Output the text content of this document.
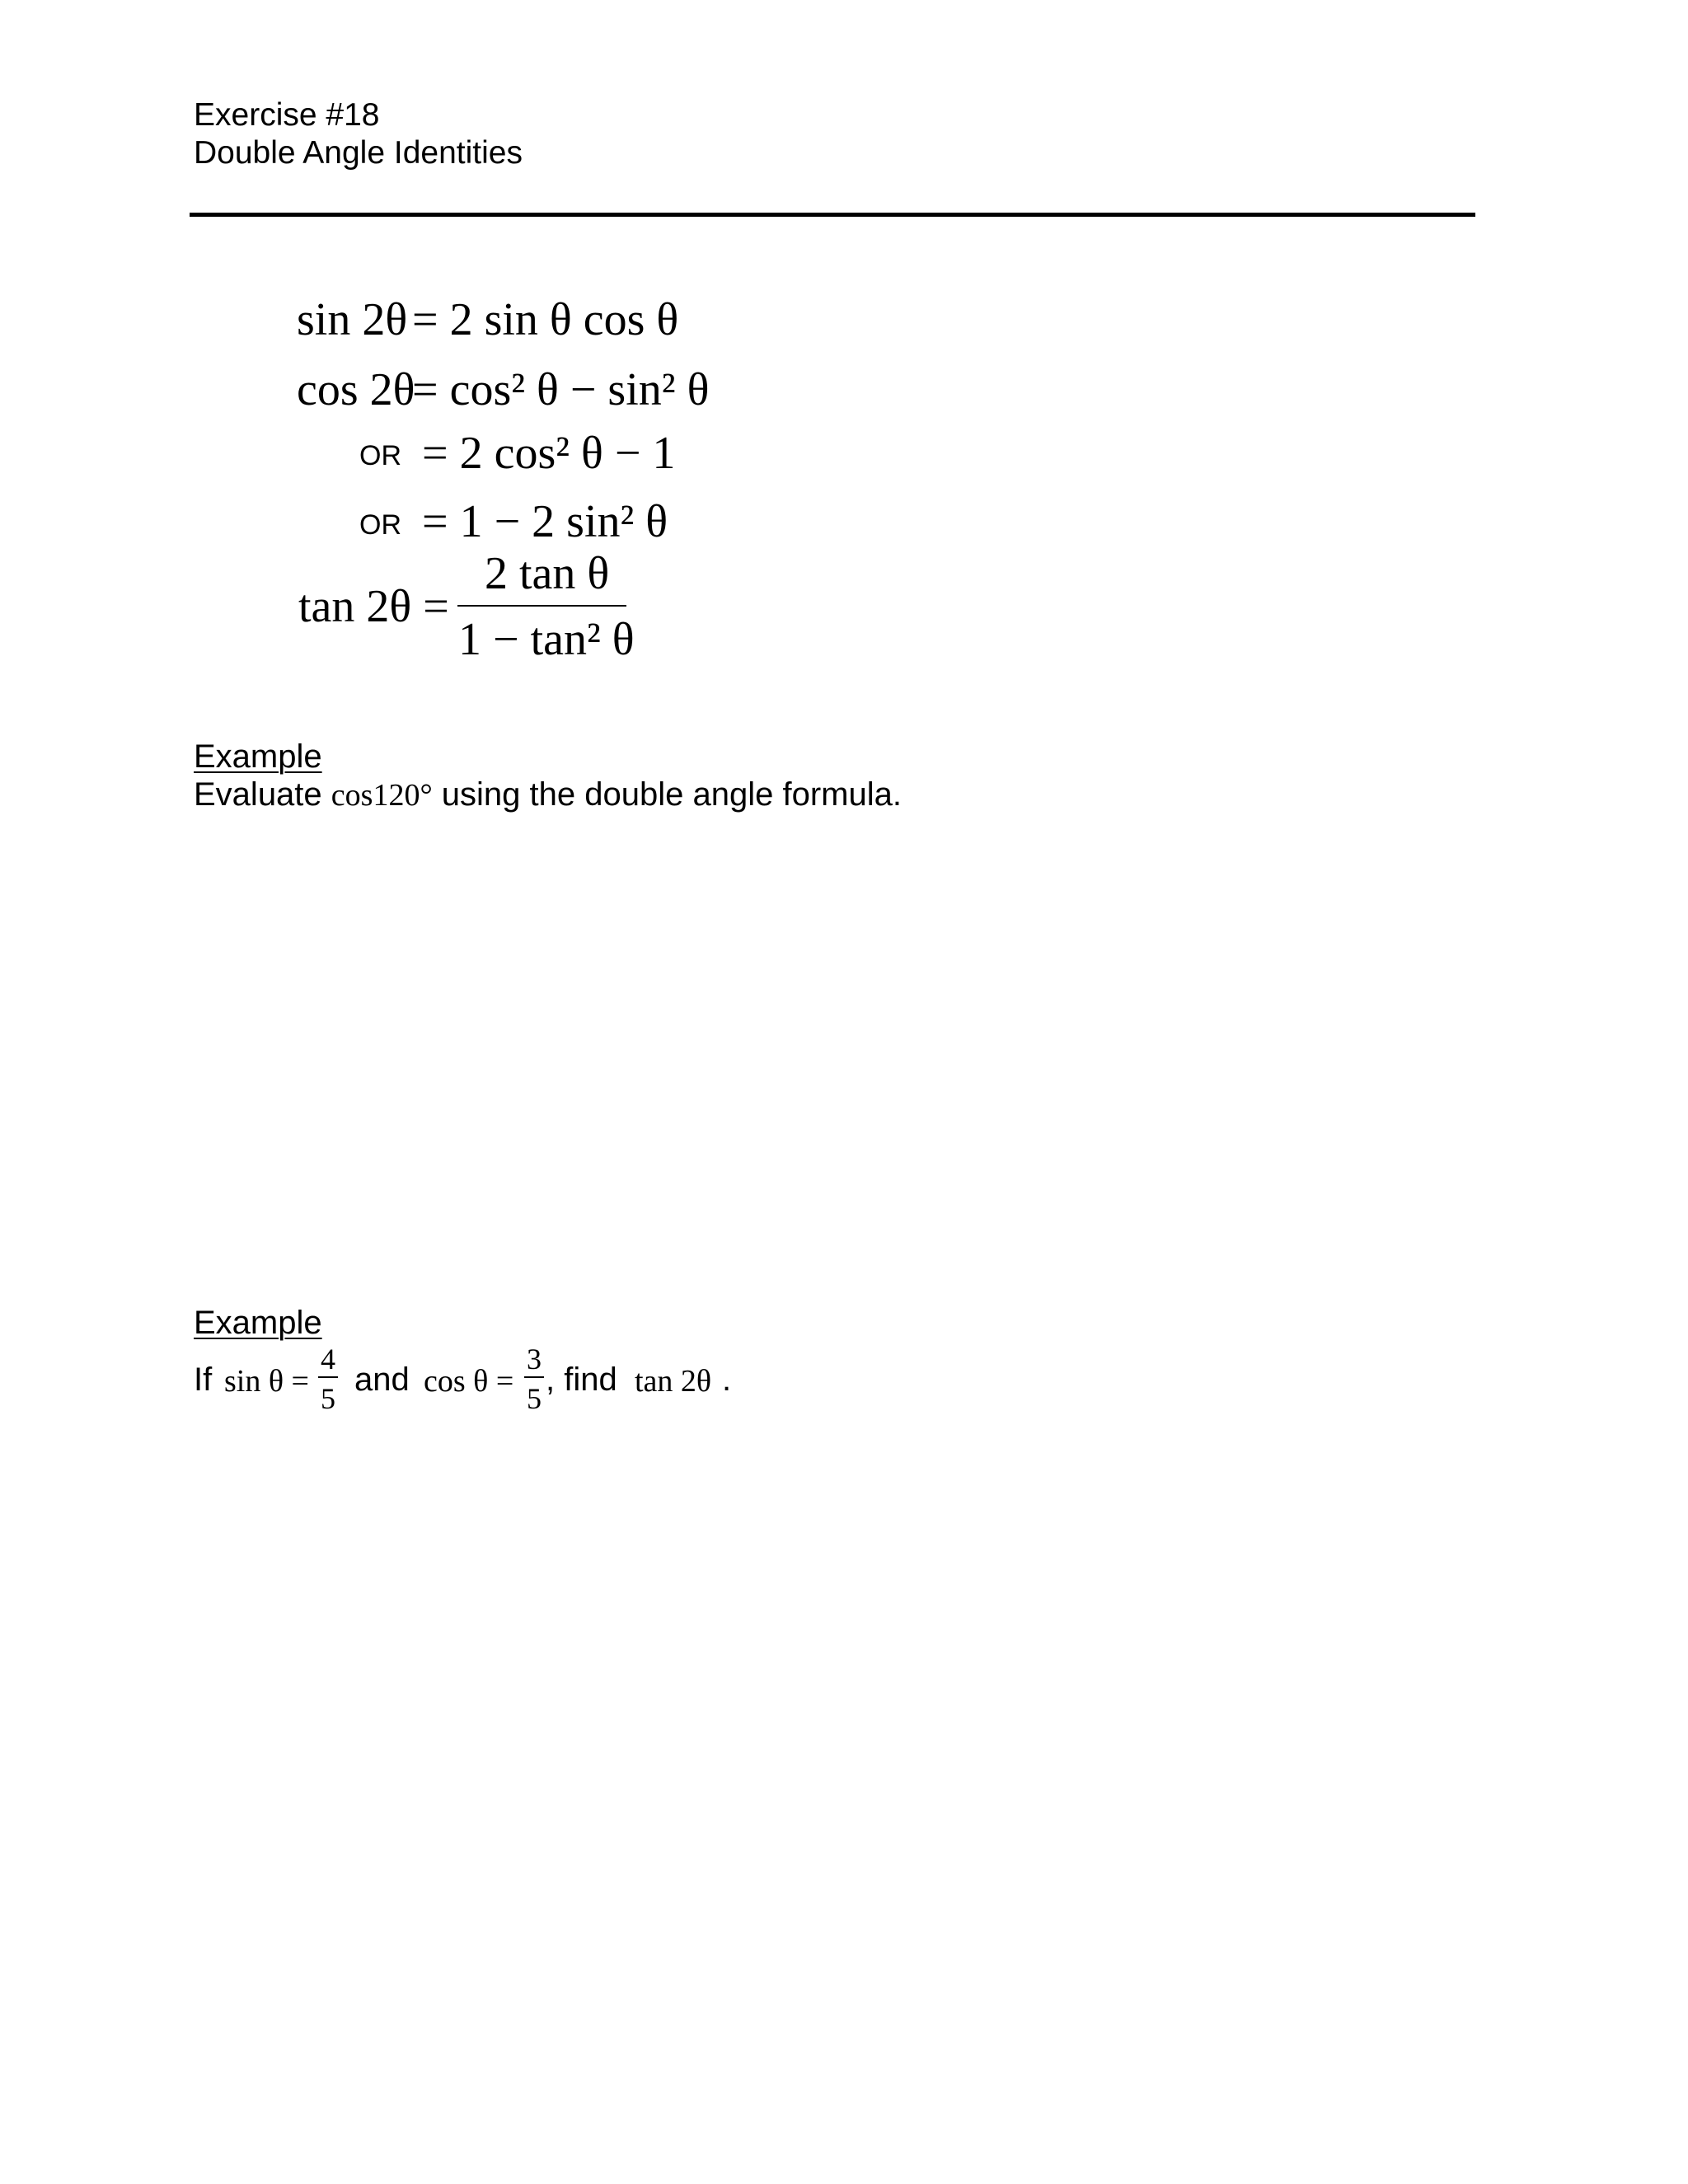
Exercise #18
Double Angle Identities
sin 2θ = 2 sin θ cos θ
cos 2θ
= cos² θ − sin² θ
OR = 2 cos² θ − 1
OR = 1 − 2 sin² θ
tan 2θ =
2 tan θ
1 − tan² θ
Example
Evaluate cos120° using the double angle formula.
Example
If sin θ =
4
5
and cos θ =
3
5
, find tan 2θ .
